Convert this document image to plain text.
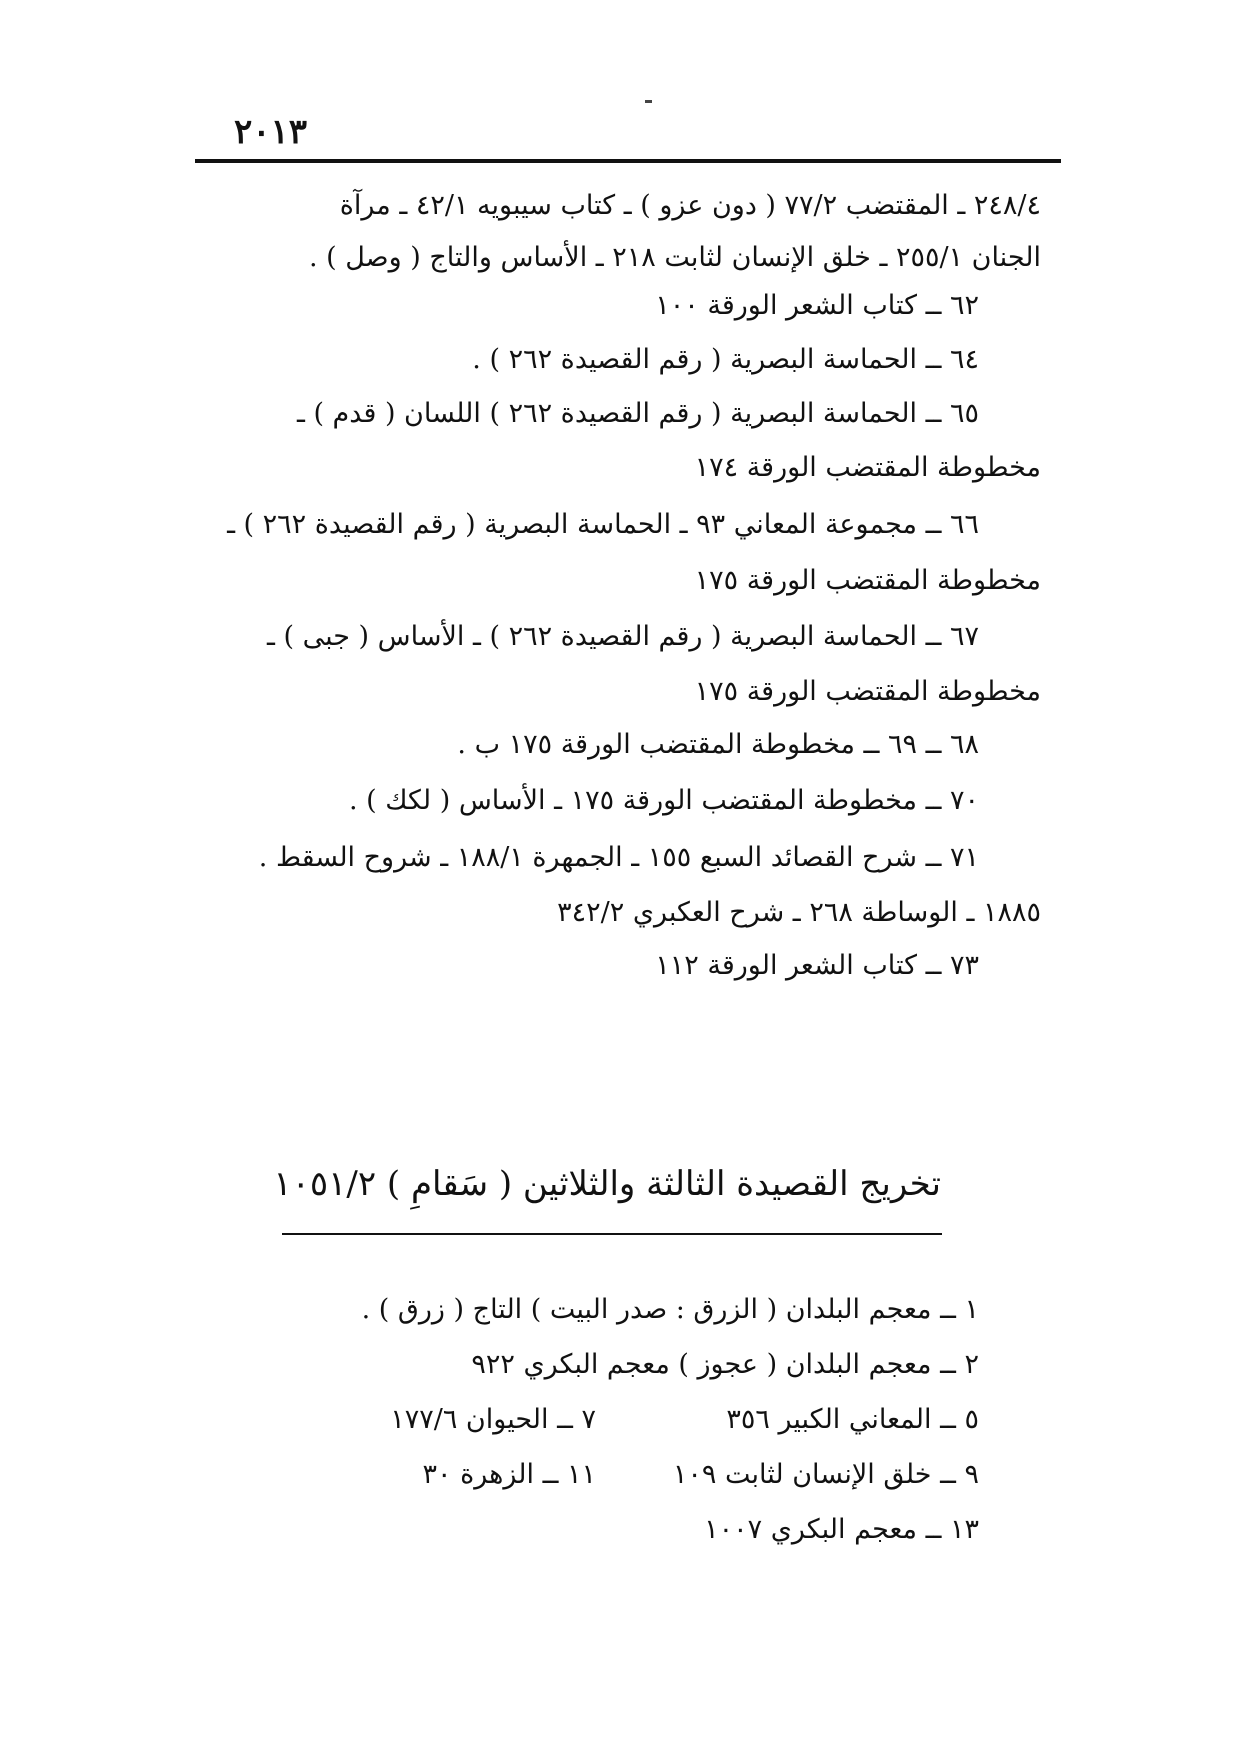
٢٠١٣
٢٤٨/٤ ـ المقتضب ٧٧/٢ ( دون عزو ) ـ كتاب سيبويه ٤٢/١ ـ مرآة
الجنان ٢٥٥/١ ـ خلق الإنسان لثابت ٢١٨ ـ الأساس والتاج ( وصل ) .
٦٢ ــ كتاب الشعر الورقة ١٠٠
٦٤ ــ الحماسة البصرية ( رقم القصيدة ٢٦٢ ) .
٦٥ ــ الحماسة البصرية ( رقم القصيدة ٢٦٢ ) اللسان ( قدم ) ـ
مخطوطة المقتضب الورقة ١٧٤
٦٦ ــ مجموعة المعاني ٩٣ ـ الحماسة البصرية ( رقم القصيدة ٢٦٢ ) ـ
مخطوطة المقتضب الورقة ١٧٥
٦٧ ــ الحماسة البصرية ( رقم القصيدة ٢٦٢ ) ـ الأساس ( جبى ) ـ
مخطوطة المقتضب الورقة ١٧٥
٦٨ ــ ٦٩ ــ مخطوطة المقتضب الورقة ١٧٥ ب .
٧٠ ــ مخطوطة المقتضب الورقة ١٧٥ ـ الأساس ( لكك ) .
٧١ ــ شرح القصائد السبع ١٥٥ ـ الجمهرة ١٨٨/١ ـ شروح السقط .
١٨٨٥ ـ الوساطة ٢٦٨ ـ شرح العكبري ٣٤٢/٢
٧٣ ــ كتاب الشعر الورقة ١١٢
تخريج القصيدة الثالثة والثلاثين ( سَقامِ ) ١٠٥١/٢
١ ــ معجم البلدان ( الزرق : صدر البيت ) التاج ( زرق ) .
٢ ــ معجم البلدان ( عجوز ) معجم البكري ٩٢٢
٥ ــ المعاني الكبير ٣٥٦
٧ ــ الحيوان ١٧٧/٦
٩ ــ خلق الإنسان لثابت ١٠٩
١١ ــ الزهرة ٣٠
١٣ ــ معجم البكري ١٠٠٧
